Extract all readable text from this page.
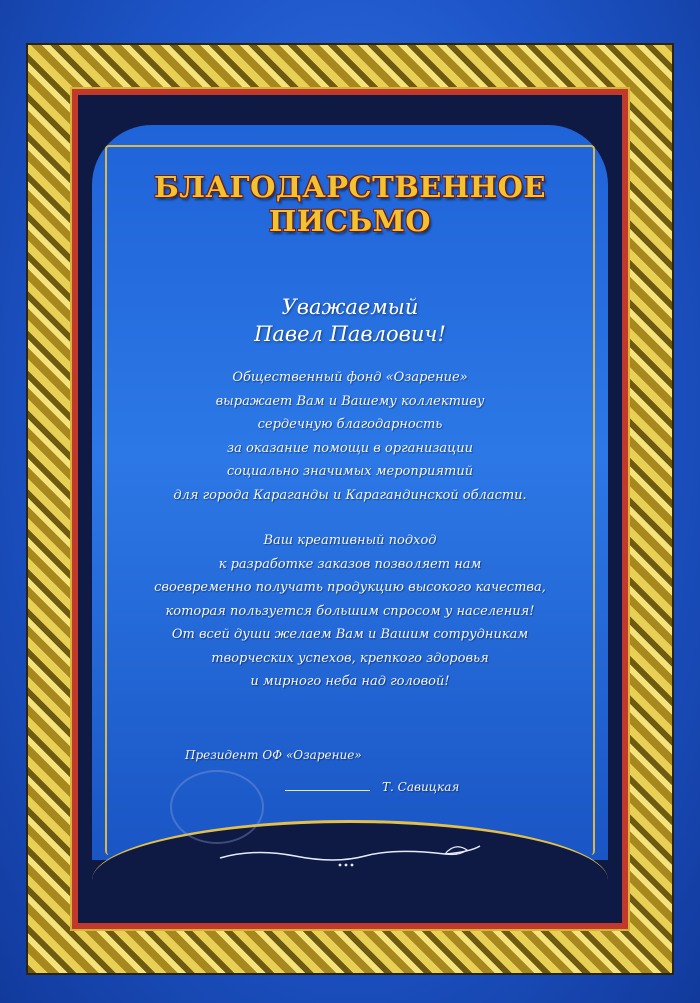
БЛАГОДАРСТВЕННОЕ
ПИСЬМО
Уважаемый
Павел Павлович!
Общественный фонд «Озарение»
выражает Вам и Вашему коллективу
сердечную благодарность
за оказание помощи в организации
социально значимых мероприятий
для города Караганды и Карагандинской области.
Ваш креативный подход
к разработке заказов позволяет нам
своевременно получать продукцию высокого качества,
которая пользуется большим спросом у населения!
От всей души желаем Вам и Вашим сотрудникам
творческих успехов, крепкого здоровья
и мирного неба над головой!
Президент ОФ «Озарение»
Т. Савицкая
